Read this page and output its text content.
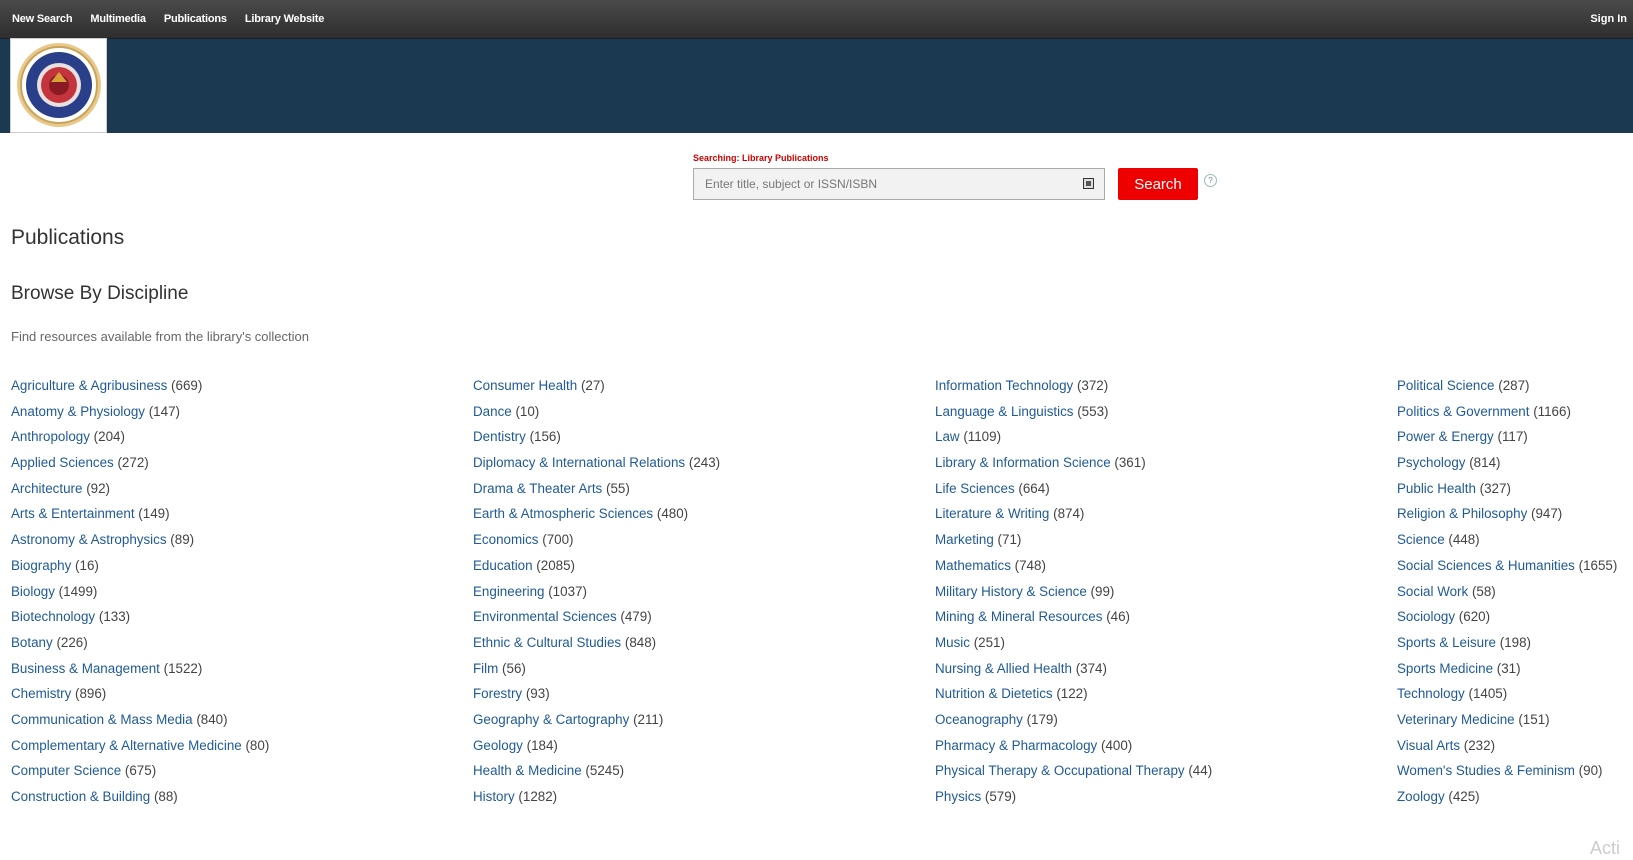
New Search Multimedia Publications Library Website	Sign In
Searching: Library Publications
Enter title, subject or ISSN/ISBN
Search	?
Publications
Browse By Discipline
Find resources available from the library's collection
Agriculture & Agribusiness (669)
Anatomy & Physiology (147)
Anthropology (204)
Applied Sciences (272)
Architecture (92)
Arts & Entertainment (149)
Astronomy & Astrophysics (89)
Biography (16)
Biology (1499)
Biotechnology (133)
Botany (226)
Business & Management (1522)
Chemistry (896)
Communication & Mass Media (840)
Complementary & Alternative Medicine (80)
Computer Science (675)
Construction & Building (88)
Consumer Health (27)
Dance (10)
Dentistry (156)
Diplomacy & International Relations (243)
Drama & Theater Arts (55)
Earth & Atmospheric Sciences (480)
Economics (700)
Education (2085)
Engineering (1037)
Environmental Sciences (479)
Ethnic & Cultural Studies (848)
Film (56)
Forestry (93)
Geography & Cartography (211)
Geology (184)
Health & Medicine (5245)
History (1282)
Information Technology (372)
Language & Linguistics (553)
Law (1109)
Library & Information Science (361)
Life Sciences (664)
Literature & Writing (874)
Marketing (71)
Mathematics (748)
Military History & Science (99)
Mining & Mineral Resources (46)
Music (251)
Nursing & Allied Health (374)
Nutrition & Dietetics (122)
Oceanography (179)
Pharmacy & Pharmacology (400)
Physical Therapy & Occupational Therapy (44)
Physics (579)
Political Science (287)
Politics & Government (1166)
Power & Energy (117)
Psychology (814)
Public Health (327)
Religion & Philosophy (947)
Science (448)
Social Sciences & Humanities (1655)
Social Work (58)
Sociology (620)
Sports & Leisure (198)
Sports Medicine (31)
Technology (1405)
Veterinary Medicine (151)
Visual Arts (232)
Women's Studies & Feminism (90)
Zoology (425)
Acti
